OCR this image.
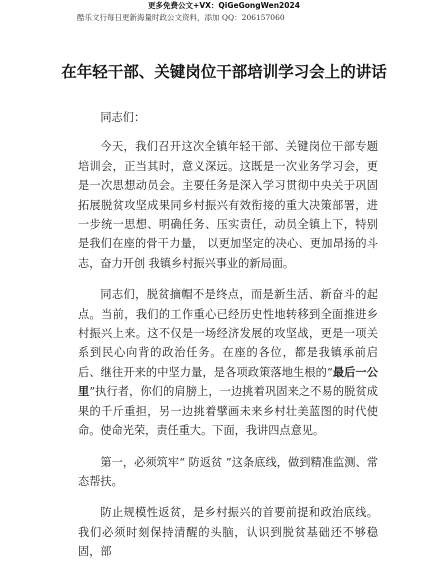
更多免费公文+VX：QiGeGongWen2024
酷乐文行每日更新海量时政公文资料，添加 QQ：206157060
在年轻干部、关键岗位干部培训学习会上的讲话

同志们：

今天，我们召开这次全镇年轻干部、关键岗位干部专题培训会，正当其时，意义深远。这既是一次业务学习会，更是一次思想动员会。主要任务是深入学习贯彻中央关于巩固拓展脱贫攻坚成果同乡村振兴有效衔接的重大决策部署，进一步统一思想、明确任务、压实责任，动员全镇上下，特别是我们在座的骨干力量， 以更加坚定的决心、更加昂扬的斗志，奋力开创 我镇乡村振兴事业的新局面。

同志们，脱贫摘帽不是终点，而是新生活、新奋斗的起点。当前，我们的工作重心已经历史性地转移到全面推进乡村振兴上来。这不仅是一场经济发展的攻坚战，更是一项关系到民心向背的政治任务。在座的各位，都是我镇承前启后、继往开来的中坚力量，是各项政策落地生根的“最后一公里”执行者，你们的肩膀上，一边挑着巩固来之不易的脱贫成果的千斤重担，另一边挑着擘画未来乡村壮美蓝图的时代使命。使命光荣，责任重大。下面，我讲四点意见。

第一，必须筑牢“ 防返贫 ”这条底线，做到精准监测、常 态帮扶。

防止规模性返贫，是乡村振兴的首要前提和政治底线。我们必须时刻保持清醒的头脑，认识到脱贫基础还不够稳固，部
